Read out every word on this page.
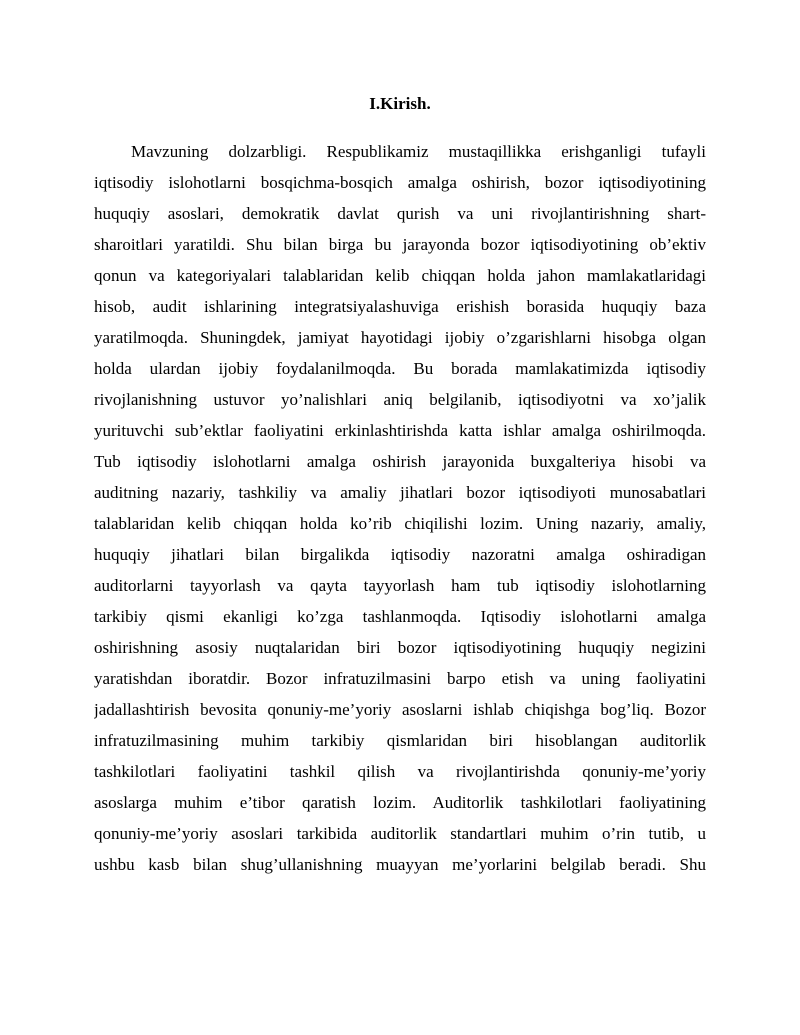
I.Kirish.
Mavzuning dolzarbligi. Respublikamiz mustaqillikka erishganligi tufayli
iqtisodiy islohotlarni bosqichma-bosqich amalga oshirish, bozor iqtisodiyotining
huquqiy asoslari, demokratik davlat qurish va uni rivojlantirishning shart-
sharoitlari yaratildi. Shu bilan birga bu jarayonda bozor iqtisodiyotining ob’ektiv
qonun va kategoriyalari talablaridan kelib chiqqan holda jahon mamlakatlaridagi
hisob, audit ishlarining integratsiyalashuviga erishish borasida huquqiy baza
yaratilmoqda. Shuningdek, jamiyat hayotidagi ijobiy o’zgarishlarni hisobga olgan
holda ulardan ijobiy foydalanilmoqda. Bu borada mamlakatimizda iqtisodiy
rivojlanishning ustuvor yo’nalishlari aniq belgilanib, iqtisodiyotni va xo’jalik
yurituvchi sub’ektlar faoliyatini erkinlashtirishda katta ishlar amalga oshirilmoqda.
Tub iqtisodiy islohotlarni amalga oshirish jarayonida buxgalteriya hisobi va
auditning nazariy, tashkiliy va amaliy jihatlari bozor iqtisodiyoti munosabatlari
talablaridan kelib chiqqan holda ko’rib chiqilishi lozim. Uning nazariy, amaliy,
huquqiy jihatlari bilan birgalikda iqtisodiy nazoratni amalga oshiradigan
auditorlarni tayyorlash va qayta tayyorlash ham tub iqtisodiy islohotlarning
tarkibiy qismi ekanligi ko’zga tashlanmoqda. Iqtisodiy islohotlarni amalga
oshirishning asosiy nuqtalaridan biri bozor iqtisodiyotining huquqiy negizini
yaratishdan iboratdir. Bozor infratuzilmasini barpo etish va uning faoliyatini
jadallashtirish bevosita qonuniy-me’yoriy asoslarni ishlab chiqishga bog’liq. Bozor
infratuzilmasining muhim tarkibiy qismlaridan biri hisoblangan auditorlik
tashkilotlari faoliyatini tashkil qilish va rivojlantirishda qonuniy-me’yoriy
asoslarga muhim e’tibor qaratish lozim. Auditorlik tashkilotlari faoliyatining
qonuniy-me’yoriy asoslari tarkibida auditorlik standartlari muhim o’rin tutib, u
ushbu kasb bilan shug’ullanishning muayyan me’yorlarini belgilab beradi. Shu
